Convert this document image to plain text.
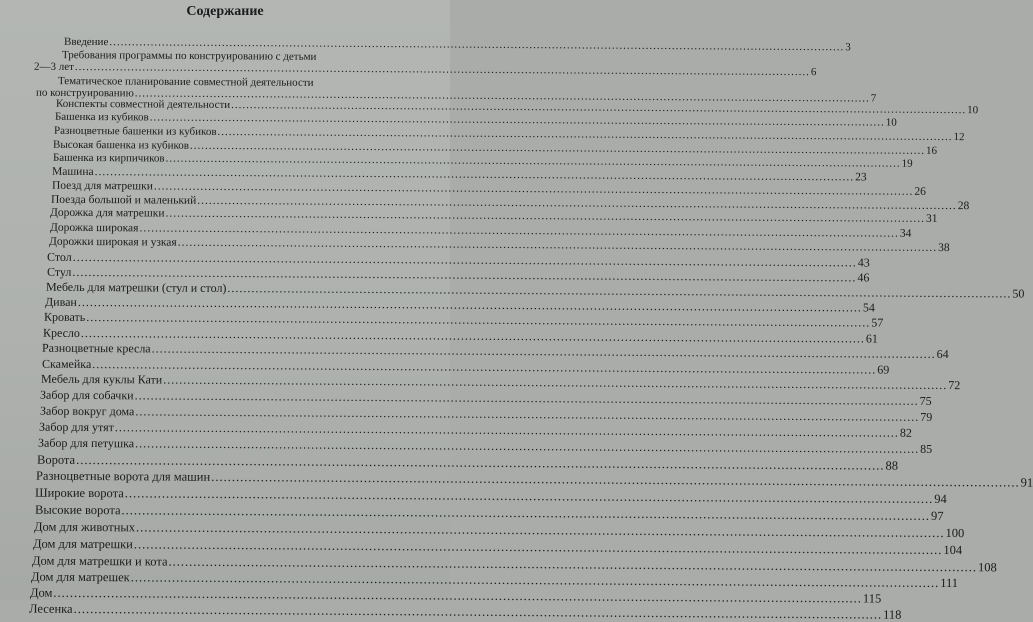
Содержание
Введение .....	3
Требования программы по конструированию с детьми
2—3 лет .....	6
Тематическое планирование совместной деятельности
по конструированию .....	7
Конспекты совместной деятельности .....	10
Башенка из кубиков .....	10
Разноцветные башенки из кубиков .....	12
Высокая башенка из кубиков .....	16
Башенка из кирпичиков .....	19
Машина .....	23
Поезд для матрешки .....	26
Поезда большой и маленький .....	28
Дорожка для матрешки .....	31
Дорожка широкая .....	34
Дорожки широкая и узкая .....	38
Стол .....	43
Стул .....	46
Мебель для матрешки (стул и стол) .....	50
Диван .....	54
Кровать .....	57
Кресло .....	61
Разноцветные кресла .....	64
Скамейка .....	69
Мебель для куклы Кати .....	72
Забор для собачки .....	75
Забор вокруг дома .....	79
Забор для утят .....	82
Забор для петушка .....	85
Ворота .....	88
Разноцветные ворота для машин .....	91
Широкие ворота .....	94
Высокие ворота .....	97
Дом для животных .....	100
Дом для матрешки .....	104
Дом для матрешки и кота .....	108
Дом для матрешек .....	111
Дом .....	115
Лесенка .....	118
